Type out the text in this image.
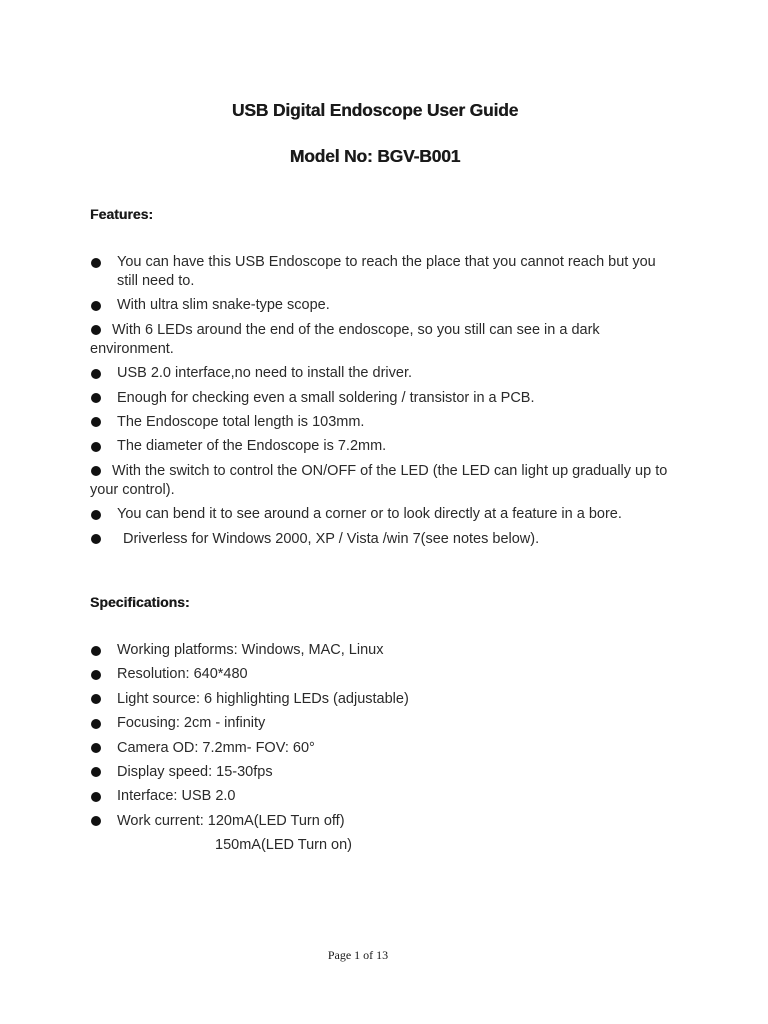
USB Digital Endoscope User Guide
Model No: BGV-B001
Features:
You can have this USB Endoscope to reach the place that you cannot reach but you still need to.
With ultra slim snake-type scope.
With 6 LEDs around the end of the endoscope, so you still can see in a dark environment.
USB 2.0 interface,no need to install the driver.
Enough for checking even a small soldering / transistor in a PCB.
The Endoscope total length is 103mm.
The diameter of the Endoscope is 7.2mm.
With the switch to control the ON/OFF of the LED (the LED can light up gradually up to your control).
You can bend it to see around a corner or to look directly at a feature in a bore.
Driverless for Windows 2000, XP / Vista /win 7(see notes below).
Specifications:
Working platforms: Windows, MAC, Linux
Resolution: 640*480
Light source: 6 highlighting LEDs (adjustable)
Focusing: 2cm - infinity
Camera OD: 7.2mm- FOV: 60°
Display speed: 15-30fps
Interface: USB 2.0
Work current: 120mA(LED Turn off)

150mA(LED Turn on)

Page 1 of 13
